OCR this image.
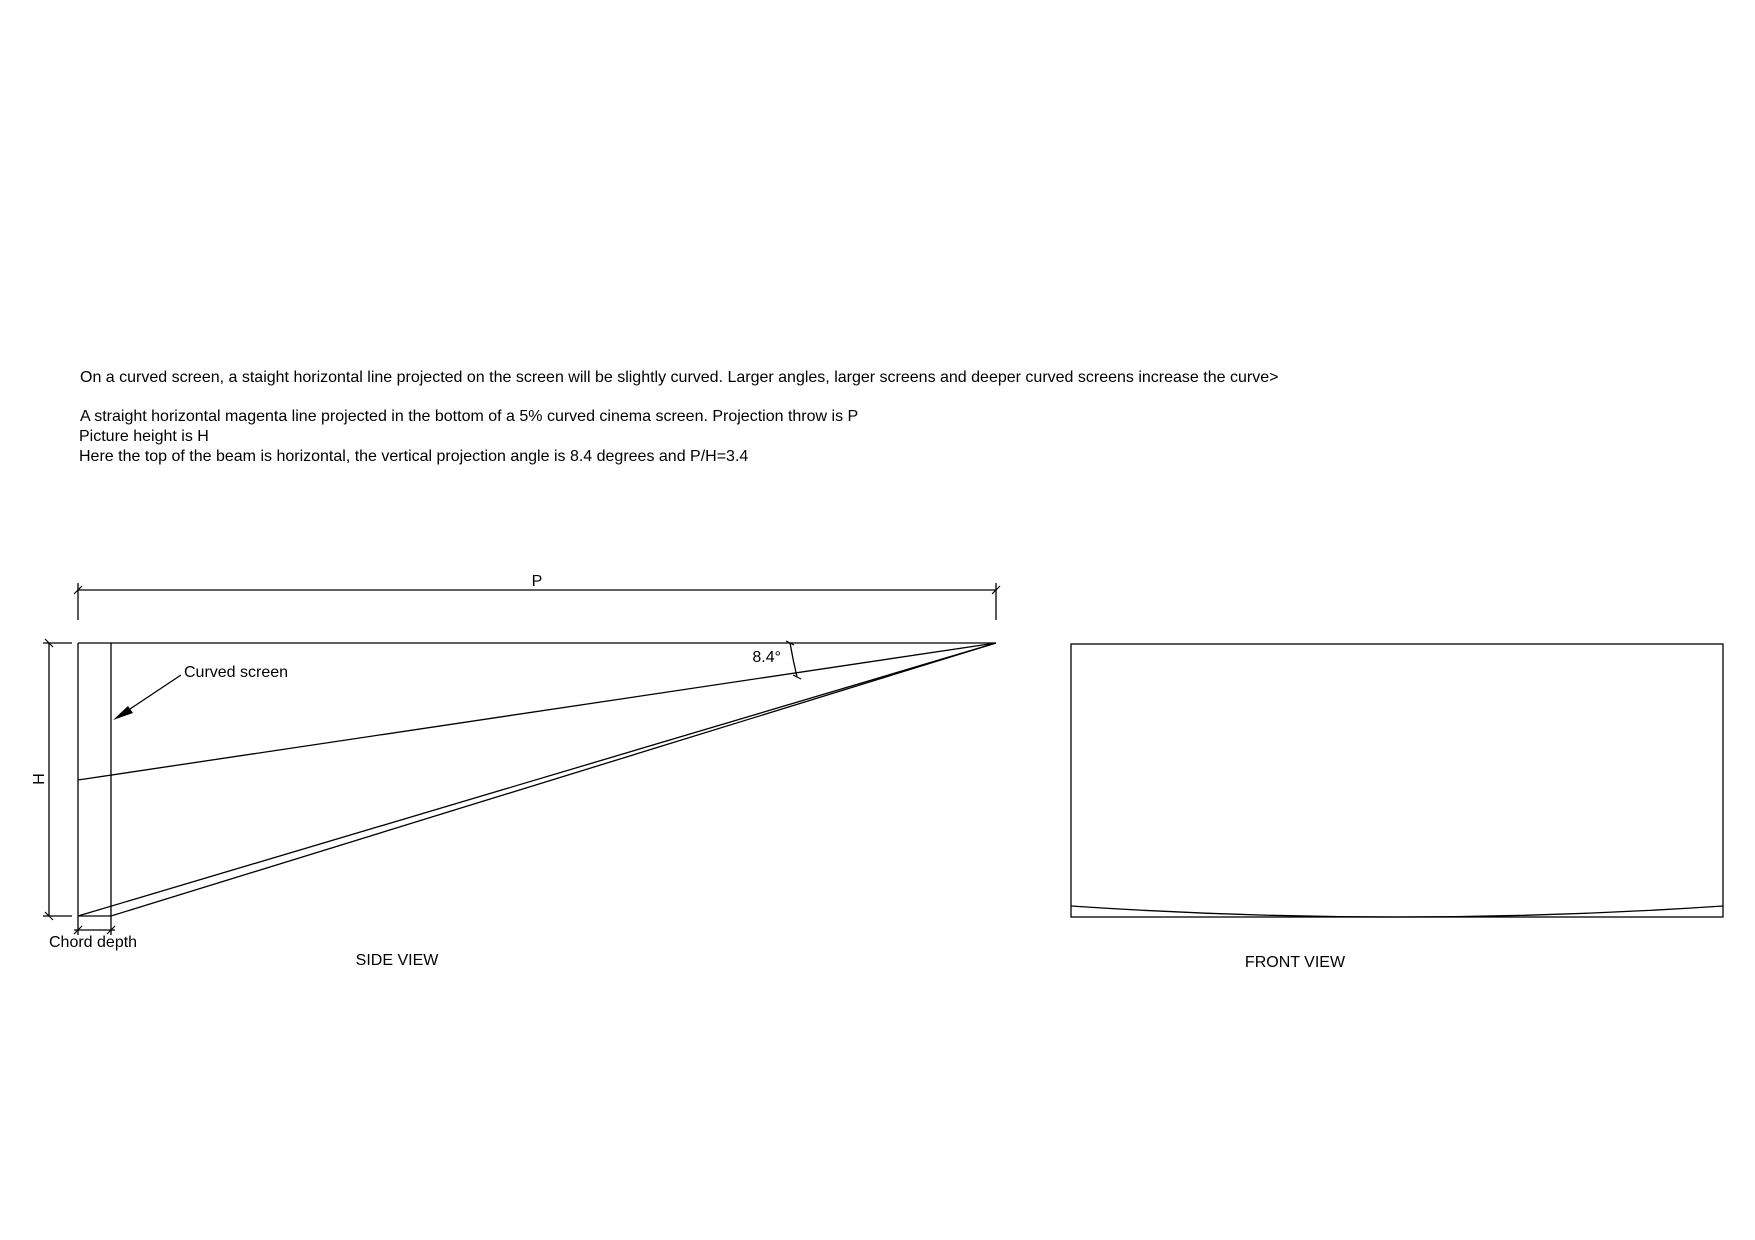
On a curved screen, a staight horizontal line projected on the screen will be slightly curved. Larger angles, larger screens and deeper curved screens increase the curve>

A straight horizontal magenta line projected in the bottom of a 5% curved cinema screen. Projection throw is P

Picture height is H

Here the top of the beam is horizontal, the vertical projection angle is 8.4 degrees and P/H=3.4

P
H
8.4°
Curved screen
Chord depth
SIDE VIEW	FRONT VIEW
